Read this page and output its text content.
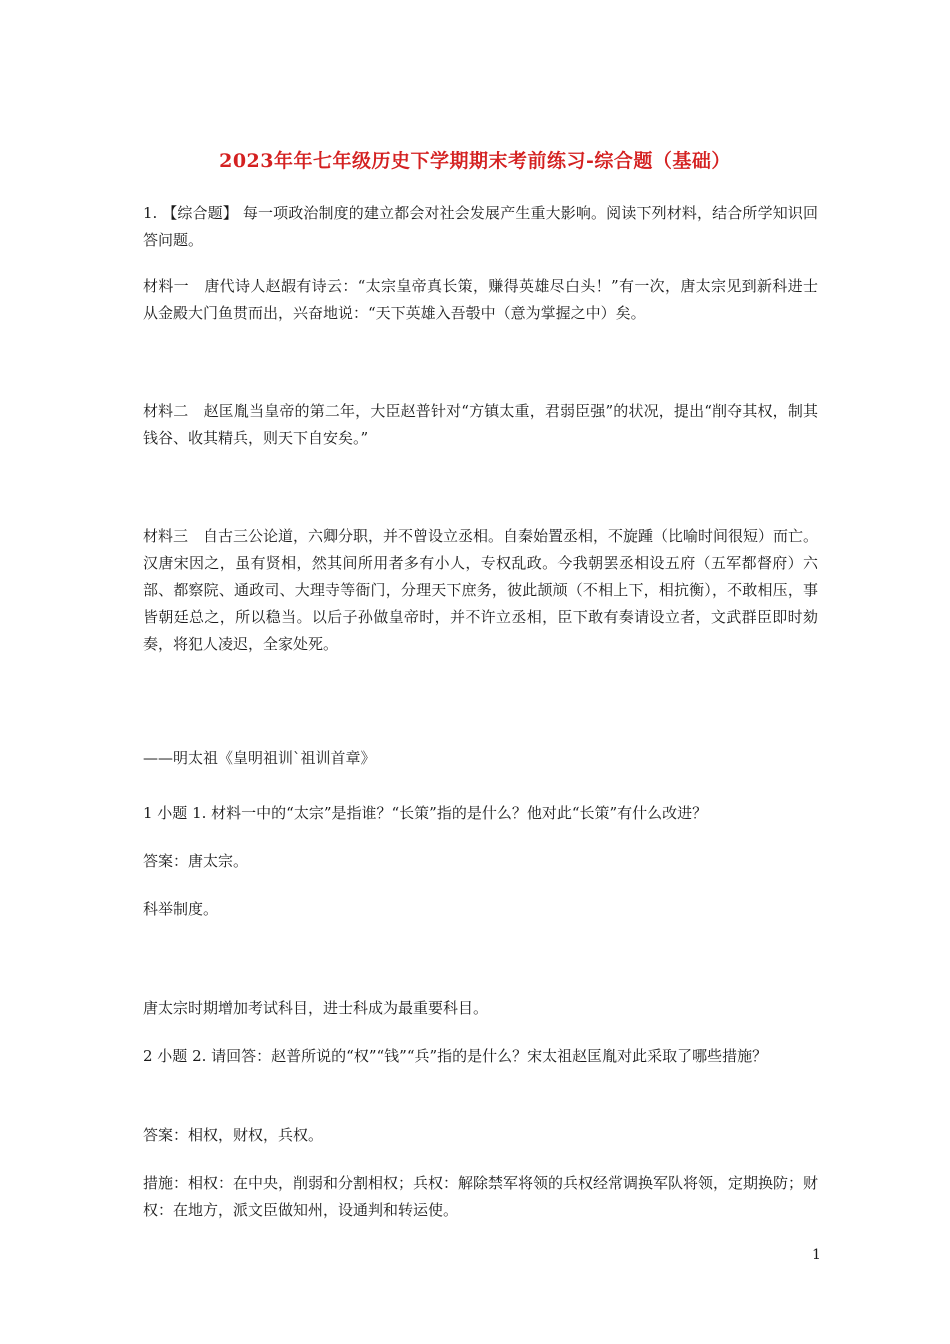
2023年年七年级历史下学期期末考前练习-综合题（基础）
1. 【综合题】 每一项政治制度的建立都会对社会发展产生重大影响。阅读下列材料，结合所学知识回答问题。
材料一　唐代诗人赵嘏有诗云：“太宗皇帝真长策，赚得英雄尽白头！”有一次，唐太宗见到新科进士从金殿大门鱼贯而出，兴奋地说：“天下英雄入吾彀中（意为掌握之中）矣。
材料二　赵匡胤当皇帝的第二年，大臣赵普针对“方镇太重，君弱臣强”的状况，提出“削夺其权，制其钱谷、收其精兵，则天下自安矣。”
材料三　自古三公论道，六卿分职，并不曾设立丞相。自秦始置丞相，不旋踵（比喻时间很短）而亡。汉唐宋因之，虽有贤相，然其间所用者多有小人，专权乱政。今我朝罢丞相设五府（五军都督府）六部、都察院、通政司、大理寺等衙门，分理天下庶务，彼此颉颃（不相上下，相抗衡），不敢相压，事皆朝廷总之，所以稳当。以后子孙做皇帝时，并不许立丞相，臣下敢有奏请设立者，文武群臣即时劾奏，将犯人凌迟，全家处死。
——明太祖《皇明祖训`祖训首章》
1 小题 1. 材料一中的“太宗”是指谁？“长策”指的是什么？他对此“长策”有什么改进？
答案：唐太宗。
科举制度。
唐太宗时期增加考试科目，进士科成为最重要科目。
2 小题 2. 请回答：赵普所说的“权”“钱”“兵”指的是什么？宋太祖赵匡胤对此采取了哪些措施？
答案：相权，财权，兵权。
措施：相权：在中央，削弱和分割相权；兵权：解除禁军将领的兵权经常调换军队将领，定期换防；财权：在地方，派文臣做知州，设通判和转运使。
1
